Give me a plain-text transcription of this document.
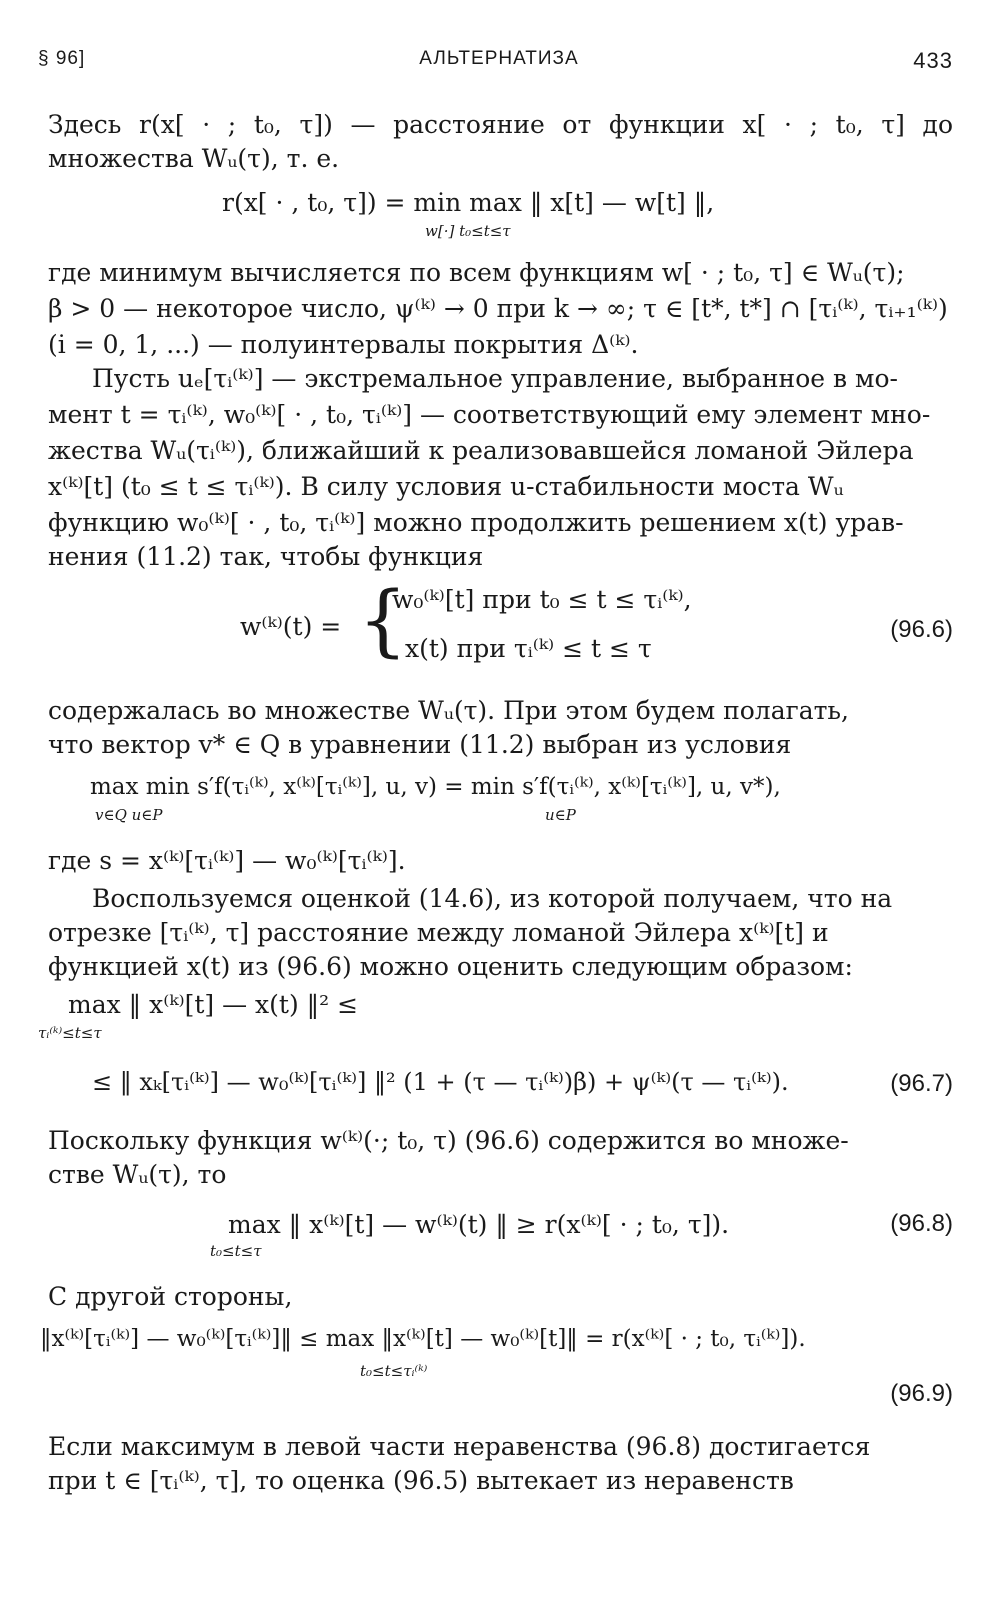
§ 96]	АЛЬТЕРНАТИЗА	433
Здесь r(x[ · ; t₀, τ]) — расстояние от функции x[ · ; t₀, τ] до множества Wᵤ(τ), т. е.
r(x[ · , t₀, τ]) = min max ‖ x[t] — w[t] ‖,
w[·] t₀≤t≤τ
где минимум вычисляется по всем функциям w[ · ; t₀, τ] ∈ Wᵤ(τ);
β > 0 — некоторое число, ψ⁽ᵏ⁾ → 0 при k → ∞; τ ∈ [t*, t*] ∩ [τᵢ⁽ᵏ⁾, τᵢ₊₁⁽ᵏ⁾)
(i = 0, 1, ...) — полуинтервалы покрытия Δ⁽ᵏ⁾.
Пусть uₑ[τᵢ⁽ᵏ⁾] — экстремальное управление, выбранное в мо-
мент t = τᵢ⁽ᵏ⁾, w₀⁽ᵏ⁾[ · , t₀, τᵢ⁽ᵏ⁾] — соответствующий ему элемент мно-
жества Wᵤ(τᵢ⁽ᵏ⁾), ближайший к реализовавшейся ломаной Эйлера
x⁽ᵏ⁾[t] (t₀ ≤ t ≤ τᵢ⁽ᵏ⁾). В силу условия u-стабильности моста Wᵤ
функцию w₀⁽ᵏ⁾[ · , t₀, τᵢ⁽ᵏ⁾] можно продолжить решением x(t) урав-
нения (11.2) так, чтобы функция
w⁽ᵏ⁾(t) = {
w₀⁽ᵏ⁾[t] при t₀ ≤ t ≤ τᵢ⁽ᵏ⁾,
x(t) при τᵢ⁽ᵏ⁾ ≤ t ≤ τ
(96.6)
содержалась во множестве Wᵤ(τ). При этом будем полагать,
что вектор v* ∈ Q в уравнении (11.2) выбран из условия
max min s′f(τᵢ⁽ᵏ⁾, x⁽ᵏ⁾[τᵢ⁽ᵏ⁾], u, v) = min s′f(τᵢ⁽ᵏ⁾, x⁽ᵏ⁾[τᵢ⁽ᵏ⁾], u, v*),
v∈Q u∈P	u∈P
где s = x⁽ᵏ⁾[τᵢ⁽ᵏ⁾] — w₀⁽ᵏ⁾[τᵢ⁽ᵏ⁾].
Воспользуемся оценкой (14.6), из которой получаем, что на
отрезке [τᵢ⁽ᵏ⁾, τ] расстояние между ломаной Эйлера x⁽ᵏ⁾[t] и
функцией x(t) из (96.6) можно оценить следующим образом:
max ‖ x⁽ᵏ⁾[t] — x(t) ‖² ≤
τᵢ⁽ᵏ⁾≤t≤τ
≤ ‖ xₖ[τᵢ⁽ᵏ⁾] — w₀⁽ᵏ⁾[τᵢ⁽ᵏ⁾] ‖² (1 + (τ — τᵢ⁽ᵏ⁾)β) + ψ⁽ᵏ⁾(τ — τᵢ⁽ᵏ⁾).	(96.7)
Поскольку функция w⁽ᵏ⁾(·; t₀, τ) (96.6) содержится во множе-
стве Wᵤ(τ), то
max ‖ x⁽ᵏ⁾[t] — w⁽ᵏ⁾(t) ‖ ≥ r(x⁽ᵏ⁾[ · ; t₀, τ]).
t₀≤t≤τ
(96.8)
С другой стороны,
‖x⁽ᵏ⁾[τᵢ⁽ᵏ⁾] — w₀⁽ᵏ⁾[τᵢ⁽ᵏ⁾]‖ ≤ max ‖x⁽ᵏ⁾[t] — w₀⁽ᵏ⁾[t]‖ = r(x⁽ᵏ⁾[ · ; t₀, τᵢ⁽ᵏ⁾]).
t₀≤t≤τᵢ⁽ᵏ⁾
(96.9)
Если максимум в левой части неравенства (96.8) достигается
при t ∈ [τᵢ⁽ᵏ⁾, τ], то оценка (96.5) вытекает из неравенств
